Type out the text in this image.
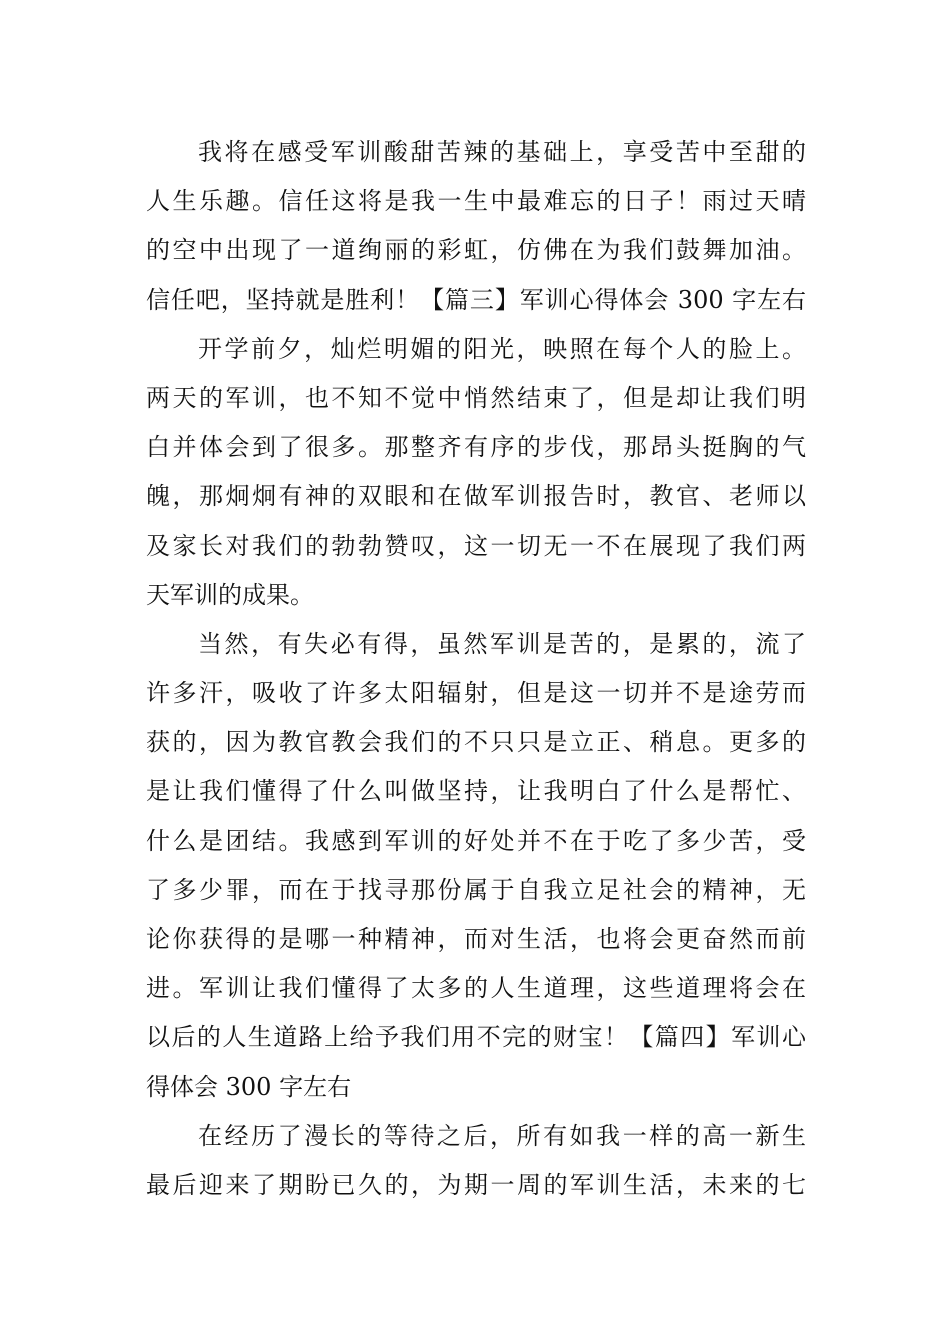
我将在感受军训酸甜苦辣的基础上，享受苦中至甜的
人生乐趣。信任这将是我一生中最难忘的日子！雨过天晴
的空中出现了一道绚丽的彩虹，仿佛在为我们鼓舞加油。
信任吧，坚持就是胜利！【篇三】军训心得体会 300 字左右
开学前夕，灿烂明媚的阳光，映照在每个人的脸上。
两天的军训，也不知不觉中悄然结束了，但是却让我们明
白并体会到了很多。那整齐有序的步伐，那昂头挺胸的气
魄，那炯炯有神的双眼和在做军训报告时，教官、老师以
及家长对我们的勃勃赞叹，这一切无一不在展现了我们两
天军训的成果。
当然，有失必有得，虽然军训是苦的，是累的，流了
许多汗，吸收了许多太阳辐射，但是这一切并不是途劳而
获的，因为教官教会我们的不只只是立正、稍息。更多的
是让我们懂得了什么叫做坚持，让我明白了什么是帮忙、
什么是团结。我感到军训的好处并不在于吃了多少苦，受
了多少罪，而在于找寻那份属于自我立足社会的精神，无
论你获得的是哪一种精神，而对生活，也将会更奋然而前
进。军训让我们懂得了太多的人生道理，这些道理将会在
以后的人生道路上给予我们用不完的财宝！【篇四】军训心
得体会 300 字左右
在经历了漫长的等待之后，所有如我一样的高一新生
最后迎来了期盼已久的，为期一周的军训生活，未来的七
